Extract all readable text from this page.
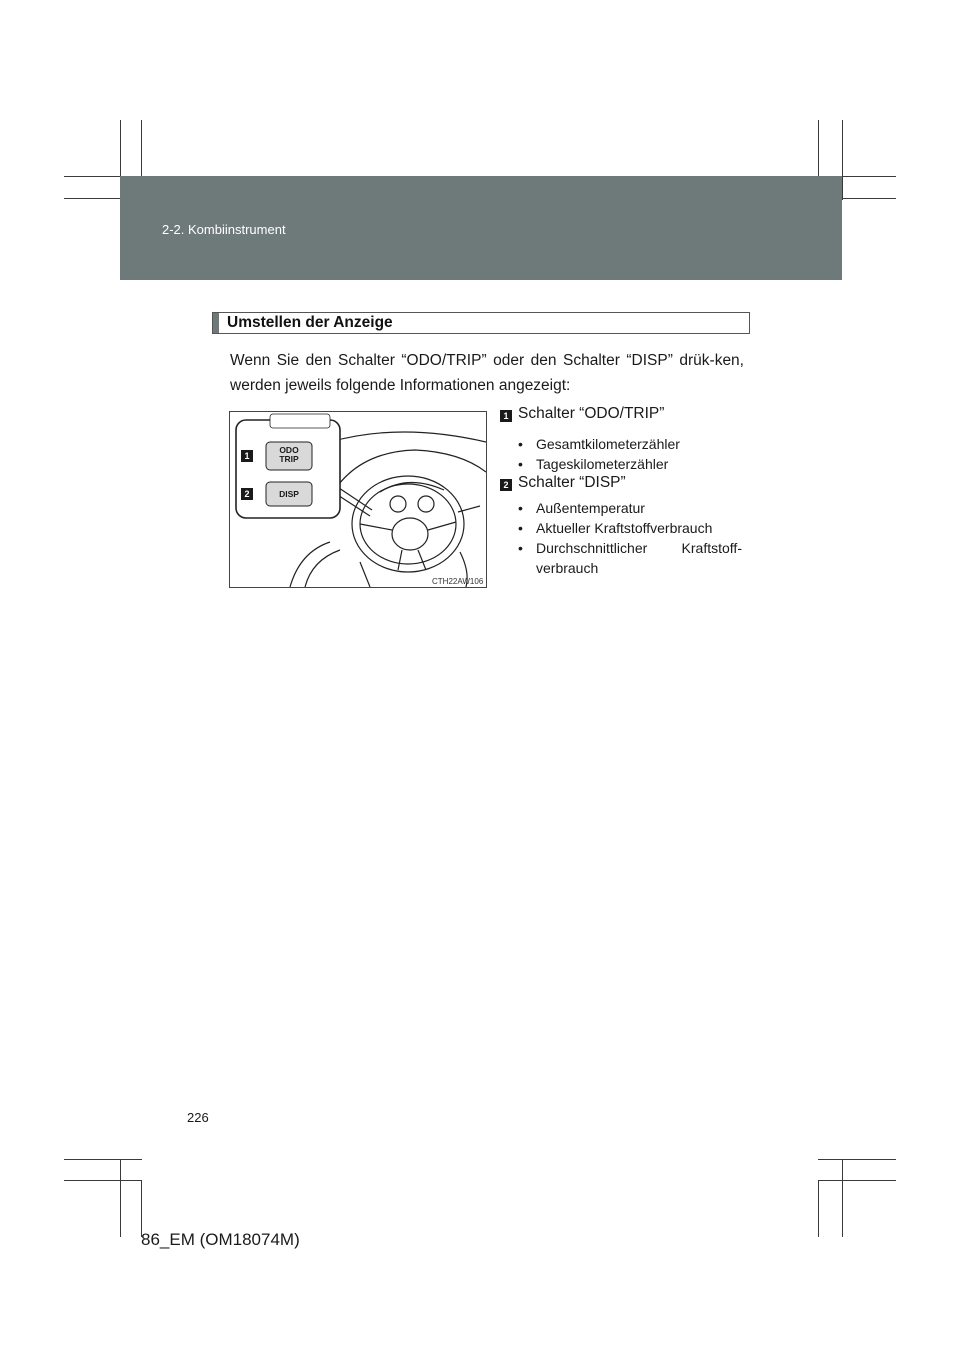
2-2. Kombiinstrument
Umstellen der Anzeige
Wenn Sie den Schalter “ODO/TRIP” oder den Schalter “DISP” drük-ken, werden jeweils folgende Informationen angezeigt:
ODO
TRIP
DISP
1
2
CTH22AW106
1 Schalter “ODO/TRIP”
• Gesamtkilometerzähler
• Tageskilometerzähler
2 Schalter “DISP”
• Außentemperatur
• Aktueller Kraftstoffverbrauch
• Durchschnittlicher Kraftstoff-verbrauch
226
86_EM (OM18074M)
